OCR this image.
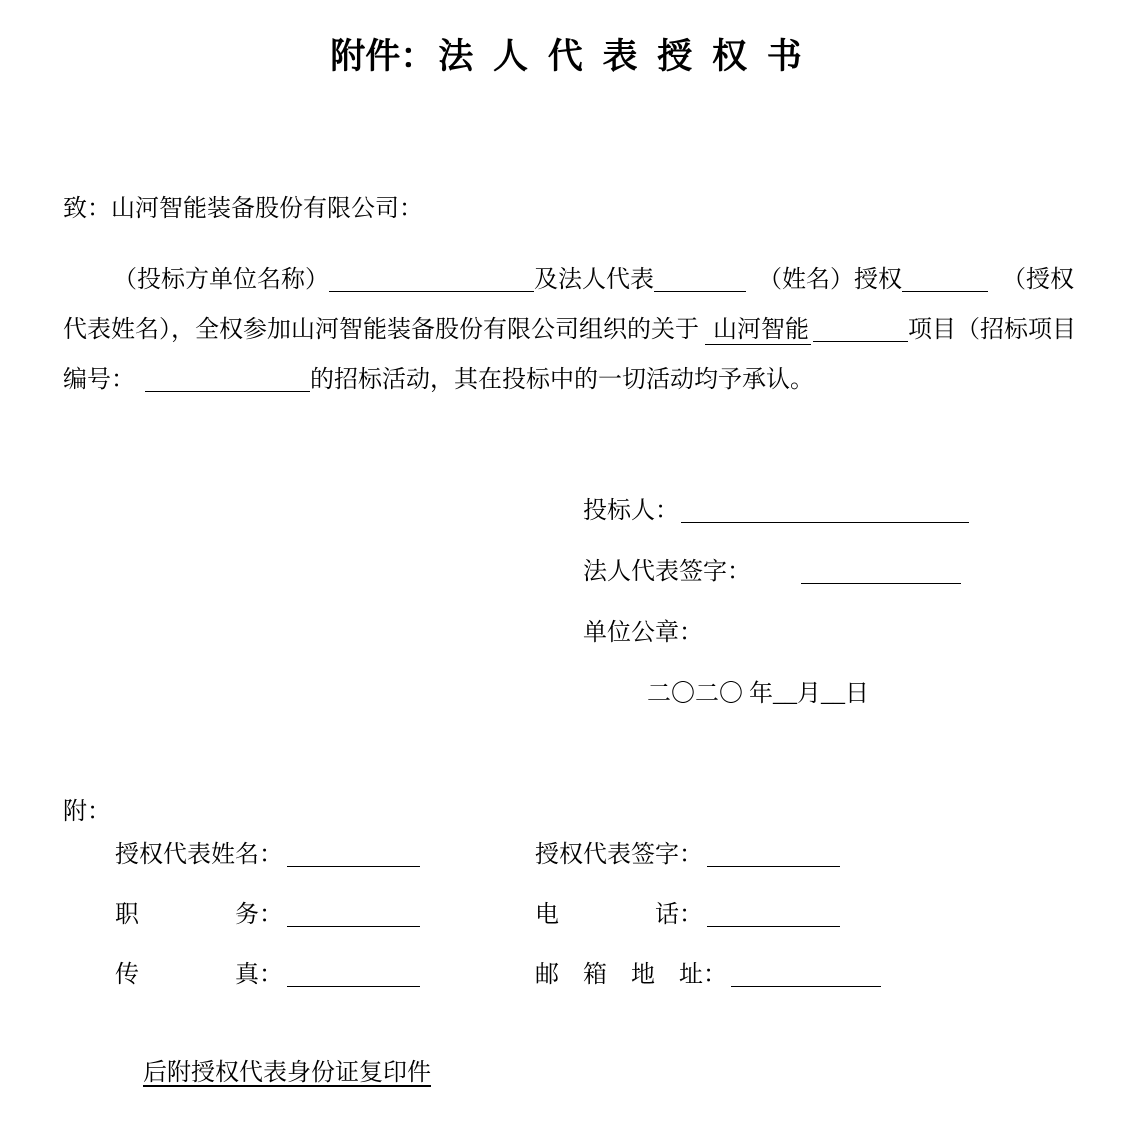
附件：法 人 代 表 授 权 书
致：山河智能装备股份有限公司：
（投标方单位名称）	及法人代表	（姓名）授权	（授权
代表姓名），全权参加山河智能装备股份有限公司组织的关于 山河智能	项目（招标项目
编号：	的招标活动，其在投标中的一切活动均予承认。
投标人：
法人代表签字：
单位公章：
二〇二〇 年__月__日
附：
授权代表姓名：	授权代表签字：
职　　　　务：	电　　　　话：
传　　　　真：	邮　箱　地　址：
后附授权代表身份证复印件
